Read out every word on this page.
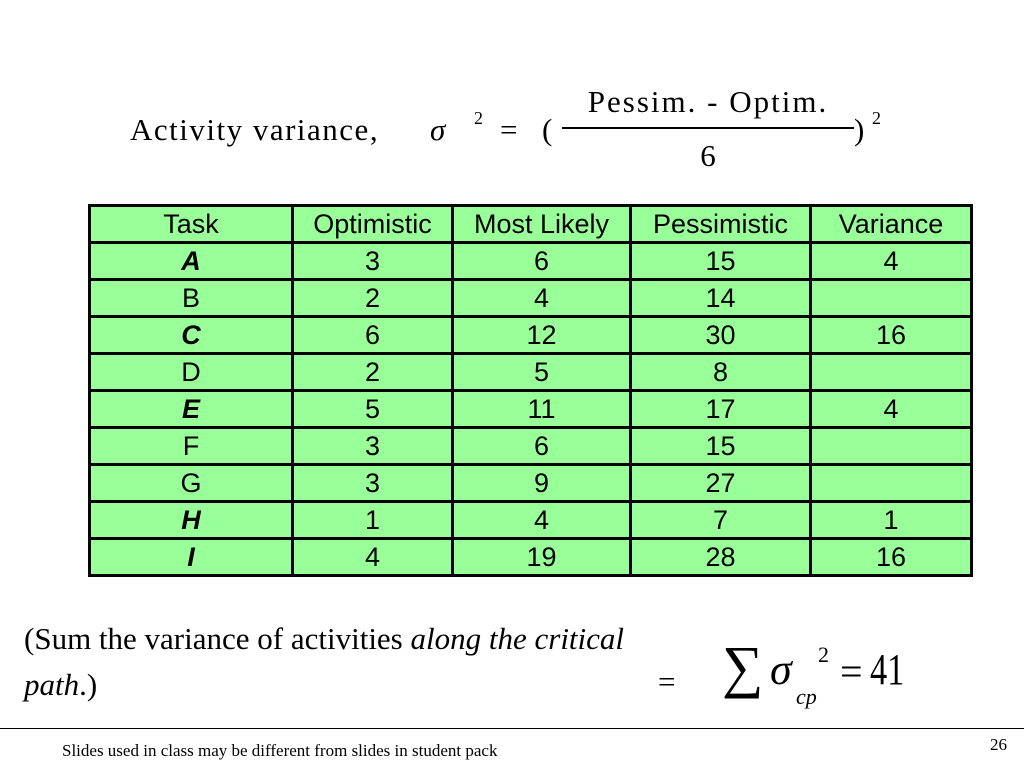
Activity variance, σ 2 = (
Pessim. - Optim.
6
) 2
Task	Optimistic	Most Likely	Pessimistic	Variance
A	3	6	15	4
B	2	4	14	
C	6	12	30	16
D	2	5	8	
E	5	11	17	4
F	3	6	15	
G	3	9	27	
H	1	4	7	1
I	4	19	28	16
(Sum the variance of activities along the critical path.)	= ∑ σ
cp
2 = 41
Slides used in class may be different from slides in student pack	26
